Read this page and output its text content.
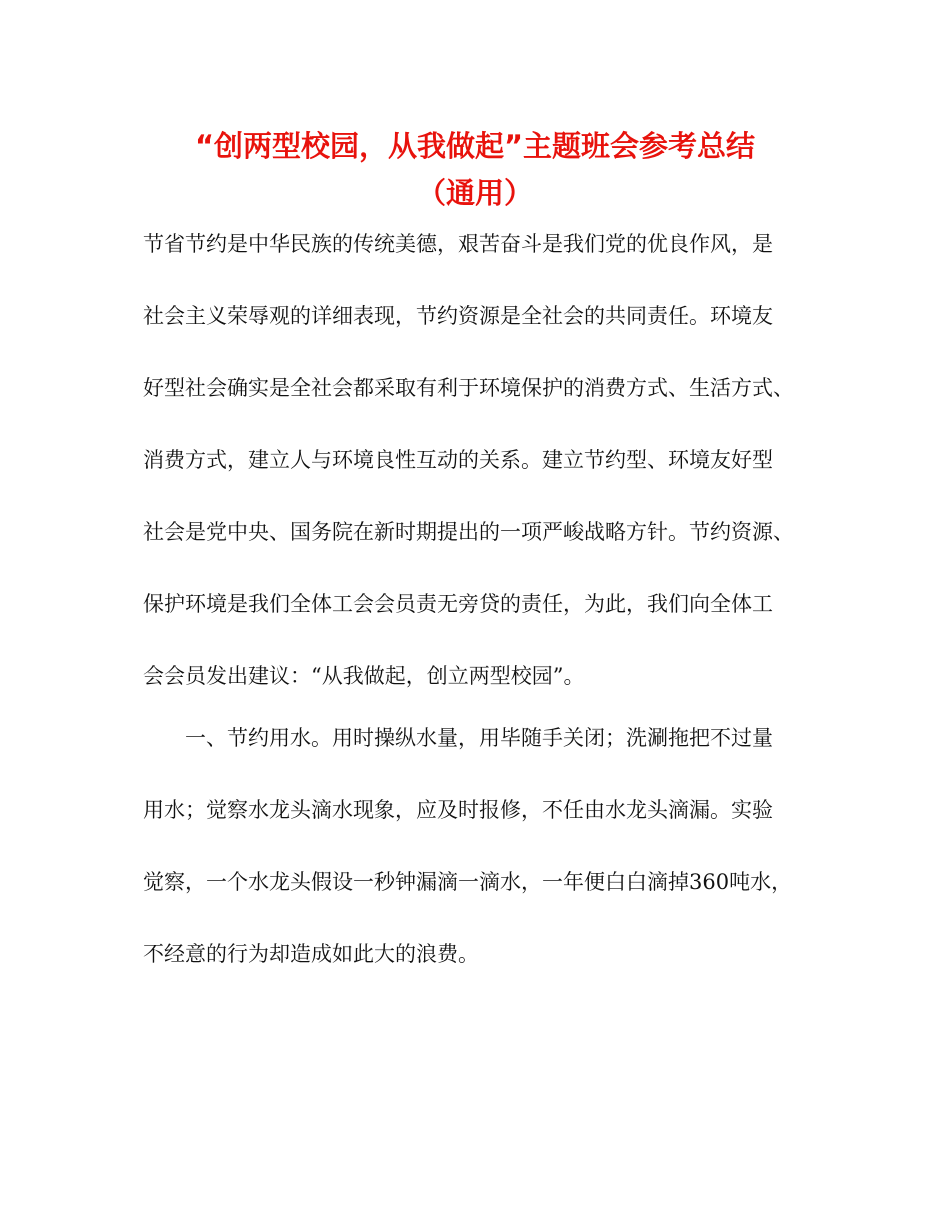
“创两型校园，从我做起”主题班会参考总结
（通用）

节省节约是中华民族的传统美德，艰苦奋斗是我们党的优良作风，是

社会主义荣辱观的详细表现，节约资源是全社会的共同责任。环境友

好型社会确实是全社会都采取有利于环境保护的消费方式、生活方式、

消费方式，建立人与环境良性互动的关系。建立节约型、环境友好型

社会是党中央、国务院在新时期提出的一项严峻战略方针。节约资源、

保护环境是我们全体工会会员责无旁贷的责任，为此，我们向全体工

会会员发出建议：“从我做起，创立两型校园”。

　　一、节约用水。用时操纵水量，用毕随手关闭；洗涮拖把不过量

用水；觉察水龙头滴水现象，应及时报修，不任由水龙头滴漏。实验

觉察，一个水龙头假设一秒钟漏滴一滴水，一年便白白滴掉360吨水，

不经意的行为却造成如此大的浪费。
